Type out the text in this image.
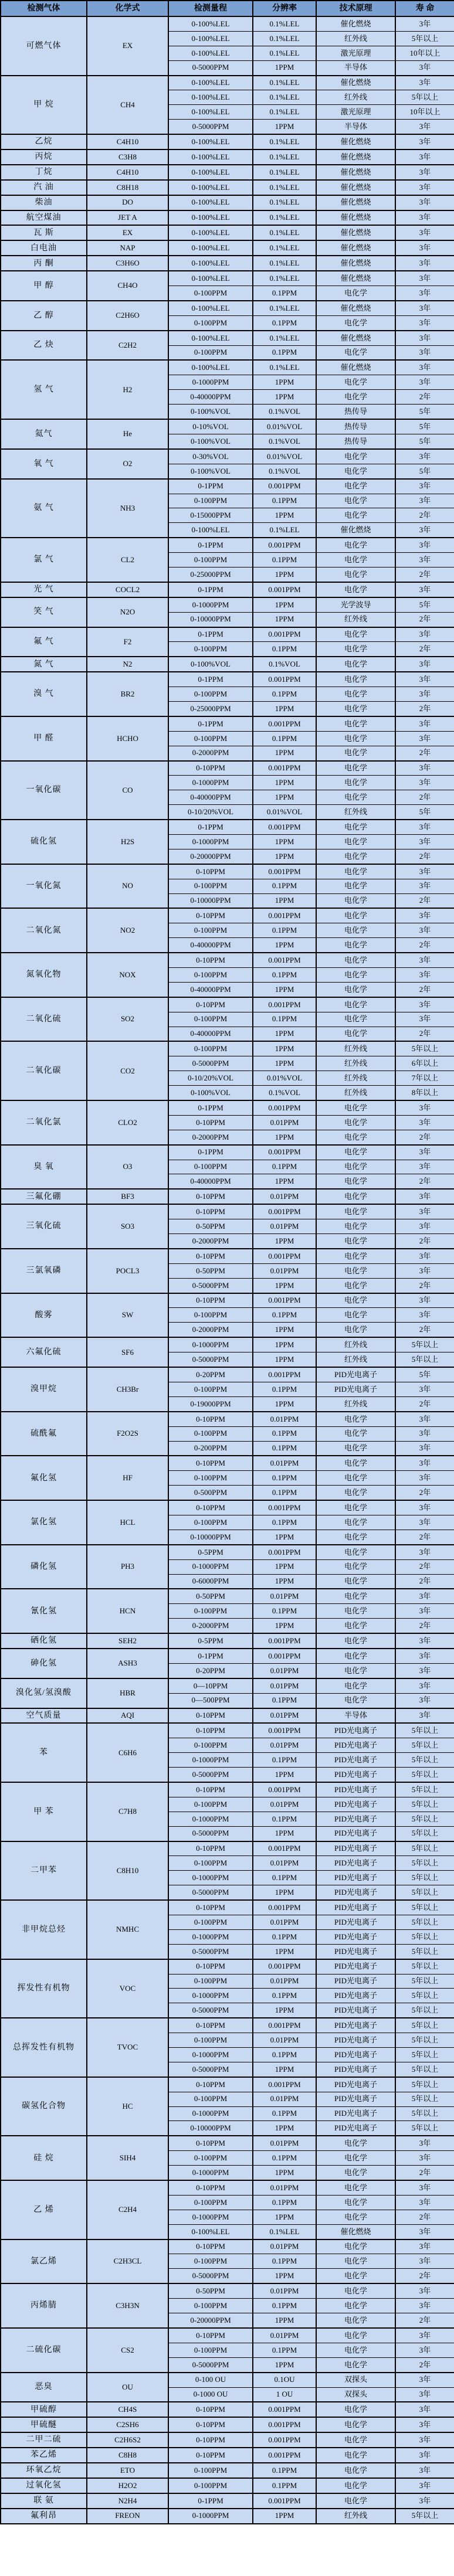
检测气体	化学式	检测量程	分辨率	技术原理	寿 命
可燃气体	EX	0-100%LEL	0.1%LEL	催化燃烧	3年
		0-100%LEL	0.1%LEL	红外线	5年以上
		0-100%LEL	0.1%LEL	激光原理	10年以上
		0-5000PPM	1PPM	半导体	3年
甲 烷	CH4	0-100%LEL	0.1%LEL	催化燃烧	3年
		0-100%LEL	0.1%LEL	红外线	5年以上
		0-100%LEL	0.1%LEL	激光原理	10年以上
		0-5000PPM	1PPM	半导体	3年
乙烷	C4H10	0-100%LEL	0.1%LEL	催化燃烧	3年
丙烷	C3H8	0-100%LEL	0.1%LEL	催化燃烧	3年
丁烷	C4H10	0-100%LEL	0.1%LEL	催化燃烧	3年
汽 油	C8H18	0-100%LEL	0.1%LEL	催化燃烧	3年
柴油	DO	0-100%LEL	0.1%LEL	催化燃烧	3年
航空煤油	JET A	0-100%LEL	0.1%LEL	催化燃烧	3年
瓦 斯	EX	0-100%LEL	0.1%LEL	催化燃烧	3年
白电油	NAP	0-100%LEL	0.1%LEL	催化燃烧	3年
丙 酮	C3H6O	0-100%LEL	0.1%LEL	催化燃烧	3年
甲 醇	CH4O	0-100%LEL	0.1%LEL	催化燃烧	3年
		0-100PPM	0.1PPM	电化学	3年
乙 醇	C2H6O	0-100%LEL	0.1%LEL	催化燃烧	3年
		0-100PPM	0.1PPM	电化学	3年
乙 炔	C2H2	0-100%LEL	0.1%LEL	催化燃烧	3年
		0-100PPM	0.1PPM	电化学	3年
氢 气	H2	0-100%LEL	0.1%LEL	催化燃烧	3年
		0-1000PPM	1PPM	电化学	3年
		0-40000PPM	1PPM	电化学	2年
		0-100%VOL	0.1%VOL	热传导	5年
氦气	He	0-10%VOL	0.01%VOL	热传导	5年
		0-100%VOL	0.1%VOL	热传导	5年
氧 气	O2	0-30%VOL	0.01%VOL	电化学	3年
		0-100%VOL	0.1%VOL	电化学	5年
氨 气	NH3	0-1PPM	0.001PPM	电化学	3年
		0-100PPM	0.1PPM	电化学	3年
		0-15000PPM	1PPM	电化学	2年
		0-100%LEL	0.1%LEL	催化燃烧	3年
氯 气	CL2	0-1PPM	0.001PPM	电化学	3年
		0-100PPM	0.1PPM	电化学	3年
		0-25000PPM	1PPM	电化学	2年
光 气	COCL2	0-1PPM	0.001PPM	电化学	3年
笑 气	N2O	0-1000PPM	1PPM	光学波导	5年
		0-10000PPM	1PPM	红外线	2年
氟 气	F2	0-1PPM	0.001PPM	电化学	3年
		0-100PPM	0.1PPM	电化学	2年
氮 气	N2	0-100%VOL	0.1%VOL	电化学	3年
溴 气	BR2	0-1PPM	0.001PPM	电化学	3年
		0-100PPM	0.1PPM	电化学	3年
		0-25000PPM	1PPM	电化学	2年
甲 醛	HCHO	0-1PPM	0.001PPM	电化学	3年
		0-100PPM	0.1PPM	电化学	3年
		0-2000PPM	1PPM	电化学	2年
一氧化碳	CO	0-10PPM	0.001PPM	电化学	3年
		0-1000PPM	1PPM	电化学	3年
		0-40000PPM	1PPM	电化学	2年
		0-10/20%VOL	0.01%VOL	红外线	5年
硫化氢	H2S	0-1PPM	0.001PPM	电化学	3年
		0-1000PPM	1PPM	电化学	3年
		0-20000PPM	1PPM	电化学	2年
一氧化氮	NO	0-10PPM	0.001PPM	电化学	3年
		0-100PPM	0.1PPM	电化学	3年
		0-10000PPM	1PPM	电化学	2年
二氧化氮	NO2	0-10PPM	0.001PPM	电化学	3年
		0-100PPM	0.1PPM	电化学	3年
		0-40000PPM	1PPM	电化学	2年
氮氧化物	NOX	0-10PPM	0.001PPM	电化学	3年
		0-100PPM	0.1PPM	电化学	3年
		0-40000PPM	1PPM	电化学	2年
二氧化硫	SO2	0-10PPM	0.001PPM	电化学	3年
		0-100PPM	0.1PPM	电化学	3年
		0-40000PPM	1PPM	电化学	2年
二氧化碳	CO2	0-100PPM	1PPM	红外线	5年以上
		0-5000PPM	1PPM	红外线	6年以上
		0-10/20%VOL	0.01%VOL	红外线	7年以上
		0-100%VOL	0.1%VOL	红外线	8年以上
二氧化氯	CLO2	0-1PPM	0.001PPM	电化学	3年
		0-10PPM	0.01PPM	电化学	3年
		0-2000PPM	1PPM	电化学	2年
臭 氧	O3	0-1PPM	0.001PPM	电化学	3年
		0-100PPM	0.1PPM	电化学	3年
		0-40000PPM	1PPM	电化学	2年
三氟化硼	BF3	0-10PPM	0.01PPM	电化学	3年
三氧化硫	SO3	0-10PPM	0.001PPM	电化学	3年
		0-50PPM	0.01PPM	电化学	3年
		0-2000PPM	1PPM	电化学	2年
三氯氧磷	POCL3	0-10PPM	0.001PPM	电化学	3年
		0-50PPM	0.01PPM	电化学	3年
		0-5000PPM	1PPM	电化学	2年
酸雾	SW	0-10PPM	0.001PPM	电化学	3年
		0-100PPM	0.1PPM	电化学	3年
		0-2000PPM	1PPM	电化学	2年
六氟化硫	SF6	0-1000PPM	1PPM	红外线	5年以上
		0-5000PPM	1PPM	红外线	5年以上
溴甲烷	CH3Br	0-20PPM	0.001PPM	PID光电离子	5年
		0-100PPM	0.1PPM	PID光电离子	3年
		0-19000PPM	1PPM	红外线	2年
硫酰氟	F2O2S	0-10PPM	0.01PPM	电化学	3年
		0-100PPM	0.1PPM	电化学	3年
		0-200PPM	0.1PPM	电化学	3年
氟化氢	HF	0-10PPM	0.01PPM	电化学	3年
		0-100PPM	0.1PPM	电化学	3年
		0-500PPM	0.1PPM	电化学	2年
氯化氢	HCL	0-10PPM	0.001PPM	电化学	3年
		0-100PPM	0.1PPM	电化学	3年
		0-10000PPM	1PPM	电化学	2年
磷化氢	PH3	0-5PPM	0.001PPM	电化学	3年
		0-1000PPM	1PPM	电化学	2年
		0-6000PPM	1PPM	电化学	2年
氰化氢	HCN	0-50PPM	0.01PPM	电化学	3年
		0-100PPM	0.1PPM	电化学	3年
		0-2000PPM	1PPM	电化学	2年
硒化氢	SEH2	0-5PPM	0.001PPM	电化学	3年
砷化氢	ASH3	0-1PPM	0.001PPM	电化学	3年
		0-20PPM	0.01PPM	电化学	3年
溴化氢/氢溴酸	HBR	0—10PPM	0.01PPM	电化学	3年
		0—500PPM	0.1PPM	电化学	3年
空气质量	AQI	0-10PPM	0.01PPM	半导体	3年
苯	C6H6	0-10PPM	0.001PPM	PID光电离子	5年以上
		0-100PPM	0.01PPM	PID光电离子	5年以上
		0-1000PPM	0.1PPM	PID光电离子	5年以上
		0-5000PPM	1PPM	PID光电离子	5年以上
甲 苯	C7H8	0-10PPM	0.001PPM	PID光电离子	5年以上
		0-100PPM	0.01PPM	PID光电离子	5年以上
		0-1000PPM	0.1PPM	PID光电离子	5年以上
		0-5000PPM	1PPM	PID光电离子	5年以上
二甲苯	C8H10	0-10PPM	0.001PPM	PID光电离子	5年以上
		0-100PPM	0.01PPM	PID光电离子	5年以上
		0-1000PPM	0.1PPM	PID光电离子	5年以上
		0-5000PPM	1PPM	PID光电离子	5年以上
非甲烷总烃	NMHC	0-10PPM	0.001PPM	PID光电离子	5年以上
		0-100PPM	0.01PPM	PID光电离子	5年以上
		0-1000PPM	0.1PPM	PID光电离子	5年以上
		0-5000PPM	1PPM	PID光电离子	5年以上
挥发性有机物	VOC	0-10PPM	0.001PPM	PID光电离子	5年以上
		0-100PPM	0.01PPM	PID光电离子	5年以上
		0-1000PPM	0.1PPM	PID光电离子	5年以上
		0-5000PPM	1PPM	PID光电离子	5年以上
总挥发性有机物	TVOC	0-10PPM	0.001PPM	PID光电离子	5年以上
		0-100PPM	0.01PPM	PID光电离子	5年以上
		0-1000PPM	0.1PPM	PID光电离子	5年以上
		0-5000PPM	1PPM	PID光电离子	5年以上
碳氢化合物	HC	0-10PPM	0.001PPM	PID光电离子	5年以上
		0-100PPM	0.01PPM	PID光电离子	5年以上
		0-1000PPM	0.1PPM	PID光电离子	5年以上
		0-10000PPM	1PPM	PID光电离子	5年以上
硅 烷	SIH4	0-10PPM	0.01PPM	电化学	3年
		0-100PPM	0.1PPM	电化学	3年
		0-1000PPM	1PPM	电化学	2年
乙 烯	C2H4	0-10PPM	0.01PPM	电化学	3年
		0-100PPM	0.1PPM	电化学	3年
		0-1000PPM	1PPM	电化学	2年
		0-100%LEL	0.1%LEL	催化燃烧	3年
氯乙烯	C2H3CL	0-10PPM	0.01PPM	电化学	3年
		0-100PPM	0.1PPM	电化学	3年
		0-5000PPM	1PPM	电化学	2年
丙烯腈	C3H3N	0-50PPM	0.01PPM	电化学	3年
		0-100PPM	0.1PPM	电化学	3年
		0-20000PPM	1PPM	电化学	2年
二硫化碳	CS2	0-10PPM	0.01PPM	电化学	3年
		0-100PPM	0.1PPM	电化学	3年
		0-5000PPM	1PPM	电化学	2年
恶臭	OU	0-100 OU	0.1OU	双探头	3年
		0-1000 OU	1 OU	双探头	3年
甲硫醇	CH4S	0-10PPM	0.001PPM	电化学	3年
甲硫醚	C2SH6	0-10PPM	0.001PPM	电化学	3年
二甲二硫	C2H6S2	0-10PPM	0.001PPM	电化学	3年
苯乙烯	C8H8	0-10PPM	0.001PPM	电化学	3年
环氧乙烷	ETO	0-100PPM	0.1PPM	电化学	3年
过氧化氢	H2O2	0-100PPM	0.1PPM	电化学	3年
联 氨	N2H4	0-1PPM	0.001PPM	电化学	3年
氟利昂	FREON	0-1000PPM	1PPM	红外线	5年以上
